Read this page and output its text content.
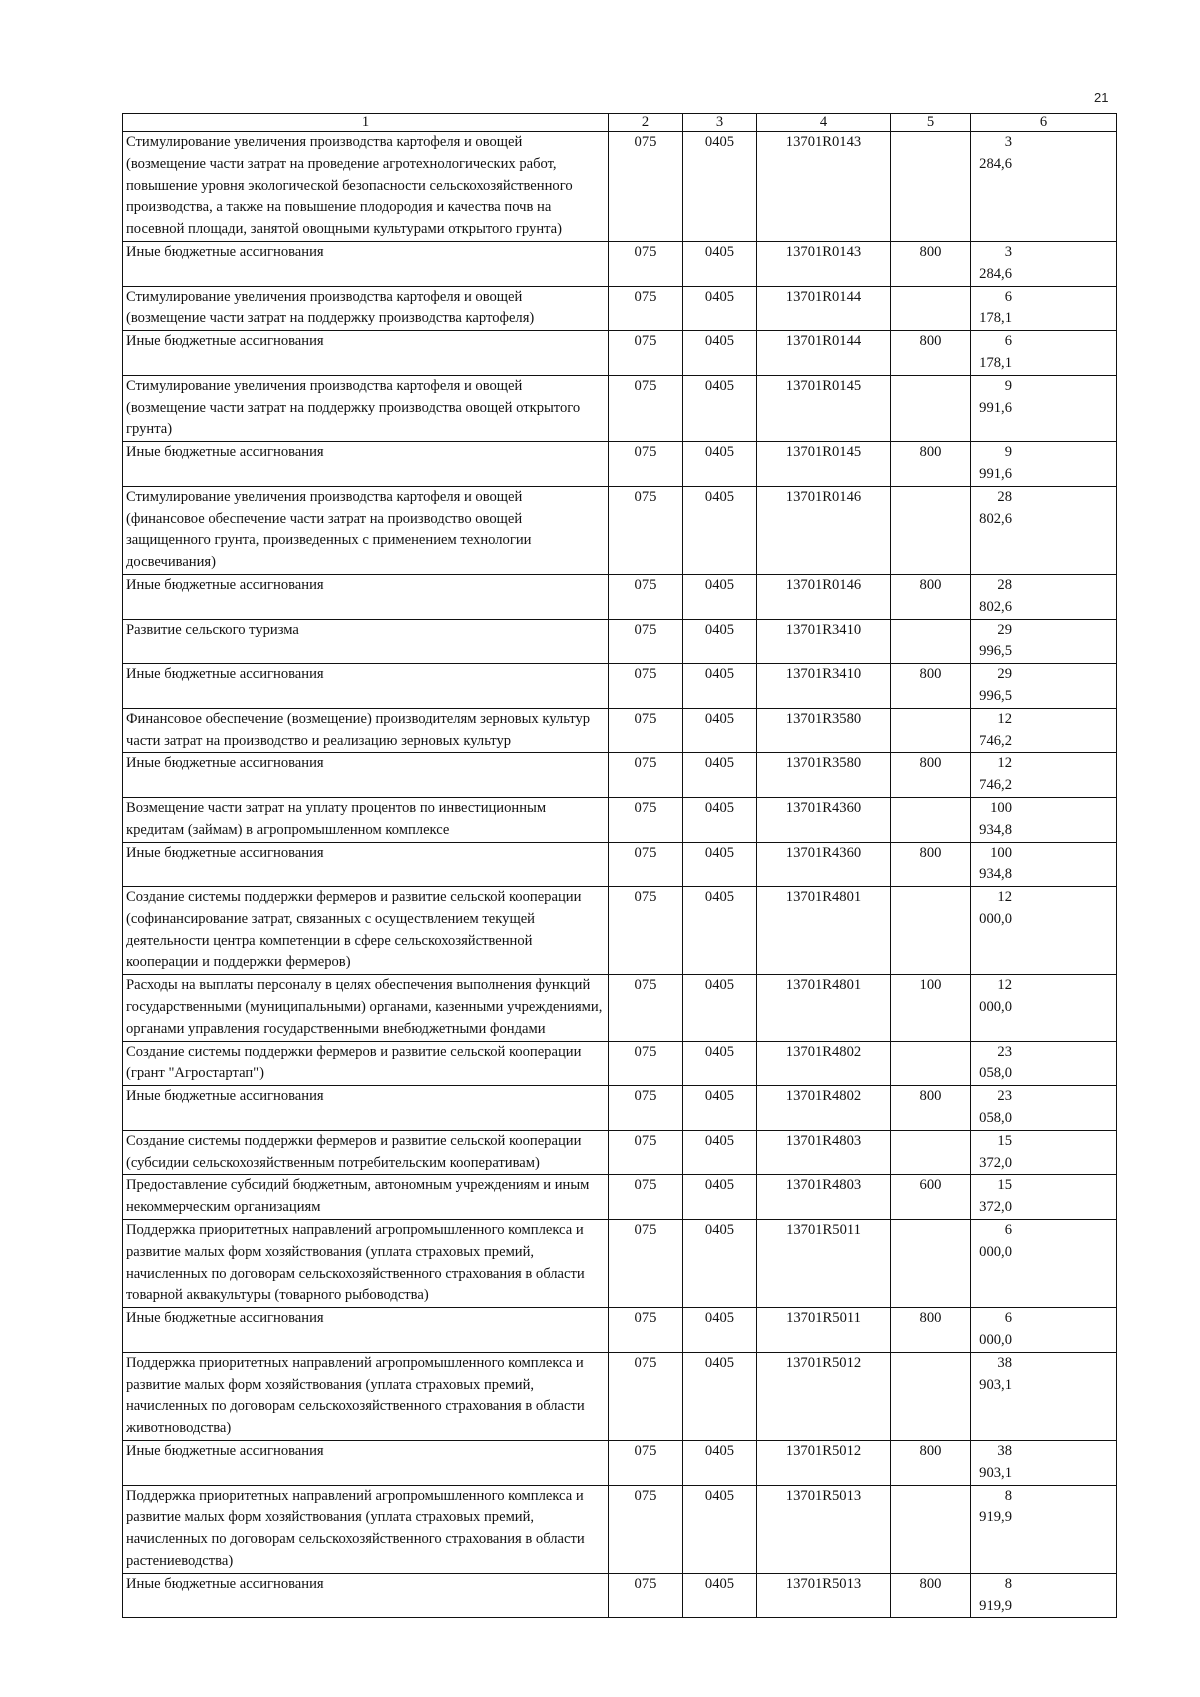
21
1	2	3	4	5	6
Стимулирование увеличения производства картофеля и овощей (возмещение части затрат на проведение агротехнологических работ, повышение уровня экологической безопасности сельскохозяйственного производства, а также на повышение плодородия и качества почв на посевной площади, занятой овощными культурами открытого грунта)	075	0405	13701R0143		3 284,6
Иные бюджетные ассигнования	075	0405	13701R0143	800	3 284,6
Стимулирование увеличения производства картофеля и овощей (возмещение части затрат на поддержку производства картофеля)	075	0405	13701R0144		6 178,1
Иные бюджетные ассигнования	075	0405	13701R0144	800	6 178,1
Стимулирование увеличения производства картофеля и овощей (возмещение части затрат на поддержку производства овощей открытого грунта)	075	0405	13701R0145		9 991,6
Иные бюджетные ассигнования	075	0405	13701R0145	800	9 991,6
Стимулирование увеличения производства картофеля и овощей (финансовое обеспечение части затрат на производство овощей защищенного грунта, произведенных с применением технологии досвечивания)	075	0405	13701R0146		28 802,6
Иные бюджетные ассигнования	075	0405	13701R0146	800	28 802,6
Развитие сельского туризма	075	0405	13701R3410		29 996,5
Иные бюджетные ассигнования	075	0405	13701R3410	800	29 996,5
Финансовое обеспечение (возмещение) производителям зерновых культур части затрат на производство и реализацию зерновых культур	075	0405	13701R3580		12 746,2
Иные бюджетные ассигнования	075	0405	13701R3580	800	12 746,2
Возмещение части затрат на уплату процентов по инвестиционным кредитам (займам) в агропромышленном комплексе	075	0405	13701R4360		100 934,8
Иные бюджетные ассигнования	075	0405	13701R4360	800	100 934,8
Создание системы поддержки фермеров и развитие сельской кооперации (софинансирование затрат, связанных с осуществлением текущей деятельности центра компетенции в сфере сельскохозяйственной кооперации и поддержки фермеров)	075	0405	13701R4801		12 000,0
Расходы на выплаты персоналу в целях обеспечения выполнения функций государственными (муниципальными) органами, казенными учреждениями, органами управления государственными внебюджетными фондами	075	0405	13701R4801	100	12 000,0
Создание системы поддержки фермеров и развитие сельской кооперации (грант "Агростартап")	075	0405	13701R4802		23 058,0
Иные бюджетные ассигнования	075	0405	13701R4802	800	23 058,0
Создание системы поддержки фермеров и развитие сельской кооперации (субсидии сельскохозяйственным потребительским кооперативам)	075	0405	13701R4803		15 372,0
Предоставление субсидий бюджетным, автономным учреждениям и иным некоммерческим организациям	075	0405	13701R4803	600	15 372,0
Поддержка приоритетных направлений агропромышленного комплекса и развитие малых форм хозяйствования (уплата страховых премий, начисленных по договорам сельскохозяйственного страхования в области товарной аквакультуры (товарного рыбоводства)	075	0405	13701R5011		6 000,0
Иные бюджетные ассигнования	075	0405	13701R5011	800	6 000,0
Поддержка приоритетных направлений агропромышленного комплекса и развитие малых форм хозяйствования (уплата страховых премий, начисленных по договорам сельскохозяйственного страхования в области животноводства)	075	0405	13701R5012		38 903,1
Иные бюджетные ассигнования	075	0405	13701R5012	800	38 903,1
Поддержка приоритетных направлений агропромышленного комплекса и развитие малых форм хозяйствования (уплата страховых премий, начисленных по договорам сельскохозяйственного страхования в области растениеводства)	075	0405	13701R5013		8 919,9
Иные бюджетные ассигнования	075	0405	13701R5013	800	8 919,9
